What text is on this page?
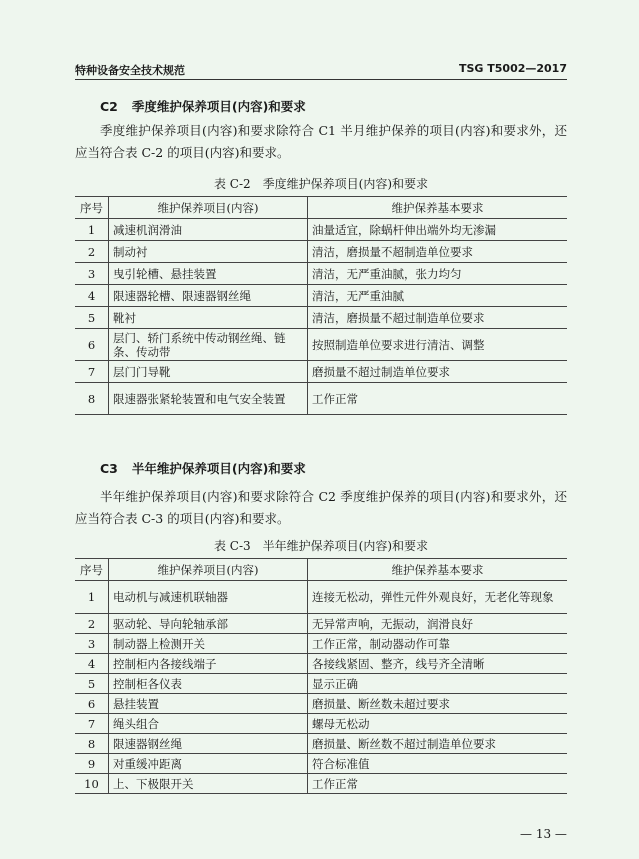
特种设备安全技术规范	TSG T5002—2017
C2 季度维护保养项目(内容)和要求
季度维护保养项目(内容)和要求除符合 C1 半月维护保养的项目(内容)和要求外，还应当符合表 C-2 的项目(内容)和要求。
表 C-2　季度维护保养项目(内容)和要求
序号	维护保养项目(内容)	维护保养基本要求
1	减速机润滑油	油量适宜，除蜗杆伸出端外均无渗漏
2	制动衬	清洁，磨损量不超制造单位要求
3	曳引轮槽、悬挂装置	清洁，无严重油腻，张力均匀
4	限速器轮槽、限速器钢丝绳	清洁，无严重油腻
5	靴衬	清洁，磨损量不超过制造单位要求
6	层门、轿门系统中传动钢丝绳、链条、传动带	按照制造单位要求进行清洁、调整
7	层门门导靴	磨损量不超过制造单位要求
8	限速器张紧轮装置和电气安全装置	工作正常
C3 半年维护保养项目(内容)和要求
半年维护保养项目(内容)和要求除符合 C2 季度维护保养的项目(内容)和要求外，还应当符合表 C-3 的项目(内容)和要求。
表 C-3　半年维护保养项目(内容)和要求
序号	维护保养项目(内容)	维护保养基本要求
1	电动机与减速机联轴器	连接无松动，弹性元件外观良好，无老化等现象
2	驱动轮、导向轮轴承部	无异常声响，无振动，润滑良好
3	制动器上检测开关	工作正常，制动器动作可靠
4	控制柜内各接线端子	各接线紧固、整齐，线号齐全清晰
5	控制柜各仪表	显示正确
6	悬挂装置	磨损量、断丝数未超过要求
7	绳头组合	螺母无松动
8	限速器钢丝绳	磨损量、断丝数不超过制造单位要求
9	对重缓冲距离	符合标准值
10	上、下极限开关	工作正常
— 13 —
